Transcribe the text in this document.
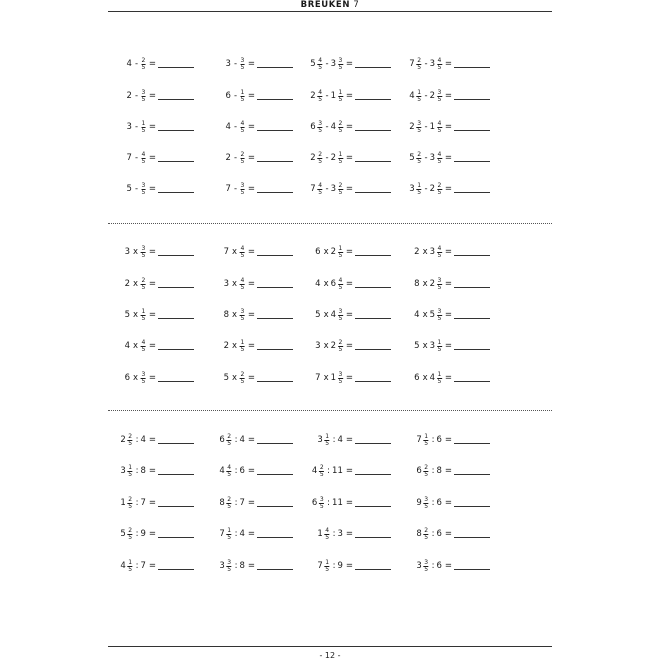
BREUKEN 7
$4 - \frac{2}{5}$ =	$3 - \frac{3}{5}$ =	$5 \frac{4}{5} - 3 \frac{3}{5}$ =	$7 \frac{2}{5} - 3 \frac{4}{5}$ =
$2 - \frac{3}{5}$ =	$6 - \frac{1}{5}$ =	$2 \frac{4}{5} - 1 \frac{1}{5}$ =	$4 \frac{1}{5} - 2 \frac{3}{5}$ =
$3 - \frac{1}{5}$ =	$4 - \frac{4}{5}$ =	$6 \frac{3}{5} - 4 \frac{2}{5}$ =	$2 \frac{3}{5} - 1 \frac{4}{5}$ =
$7 - \frac{4}{5}$ =	$2 - \frac{2}{5}$ =	$2 \frac{2}{5} - 2 \frac{1}{5}$ =	$5 \frac{2}{5} - 3 \frac{4}{5}$ =
$5 - \frac{3}{5}$ =	$7 - \frac{3}{5}$ =	$7 \frac{4}{5} - 3 \frac{2}{5}$ =	$3 \frac{1}{5} - 2 \frac{2}{5}$ =
3 x $\frac{3}{5}$ =	7 x $\frac{4}{5}$ =	6 x $2 \frac{1}{5}$ =	2 x $3 \frac{4}{5}$ =
2 x $\frac{2}{5}$ =	3 x $\frac{4}{5}$ =	4 x $6 \frac{4}{5}$ =	8 x $2 \frac{3}{5}$ =
5 x $\frac{1}{5}$ =	8 x $\frac{3}{5}$ =	5 x $4 \frac{3}{5}$ =	4 x $5 \frac{3}{5}$ =
4 x $\frac{4}{5}$ =	2 x $\frac{1}{5}$ =	3 x $2 \frac{2}{5}$ =	5 x $3 \frac{1}{5}$ =
6 x $\frac{3}{5}$ =	5 x $\frac{2}{5}$ =	7 x $1 \frac{3}{5}$ =	6 x $4 \frac{1}{5}$ =
$2 \frac{2}{5}$ : 4 =	$6 \frac{2}{5}$ : 4 =	$3 \frac{1}{5}$ : 4 =	$7 \frac{1}{5}$ : 6 =
$3 \frac{1}{5}$ : 8 =	$4 \frac{4}{5}$ : 6 =	$4 \frac{2}{5}$ : 11 =	$6 \frac{2}{5}$ : 8 =
$1 \frac{2}{5}$ : 7 =	$8 \frac{2}{5}$ : 7 =	$6 \frac{3}{5}$ : 11 =	$9 \frac{3}{5}$ : 6 =
$5 \frac{2}{5}$ : 9 =	$7 \frac{1}{5}$ : 4 =	$1 \frac{4}{5}$ : 3 =	$8 \frac{2}{5}$ : 6 =
$4 \frac{1}{5}$ : 7 =	$3 \frac{3}{5}$ : 8 =	$7 \frac{1}{5}$ : 9 =	$3 \frac{3}{5}$ : 6 =
- 12 -
